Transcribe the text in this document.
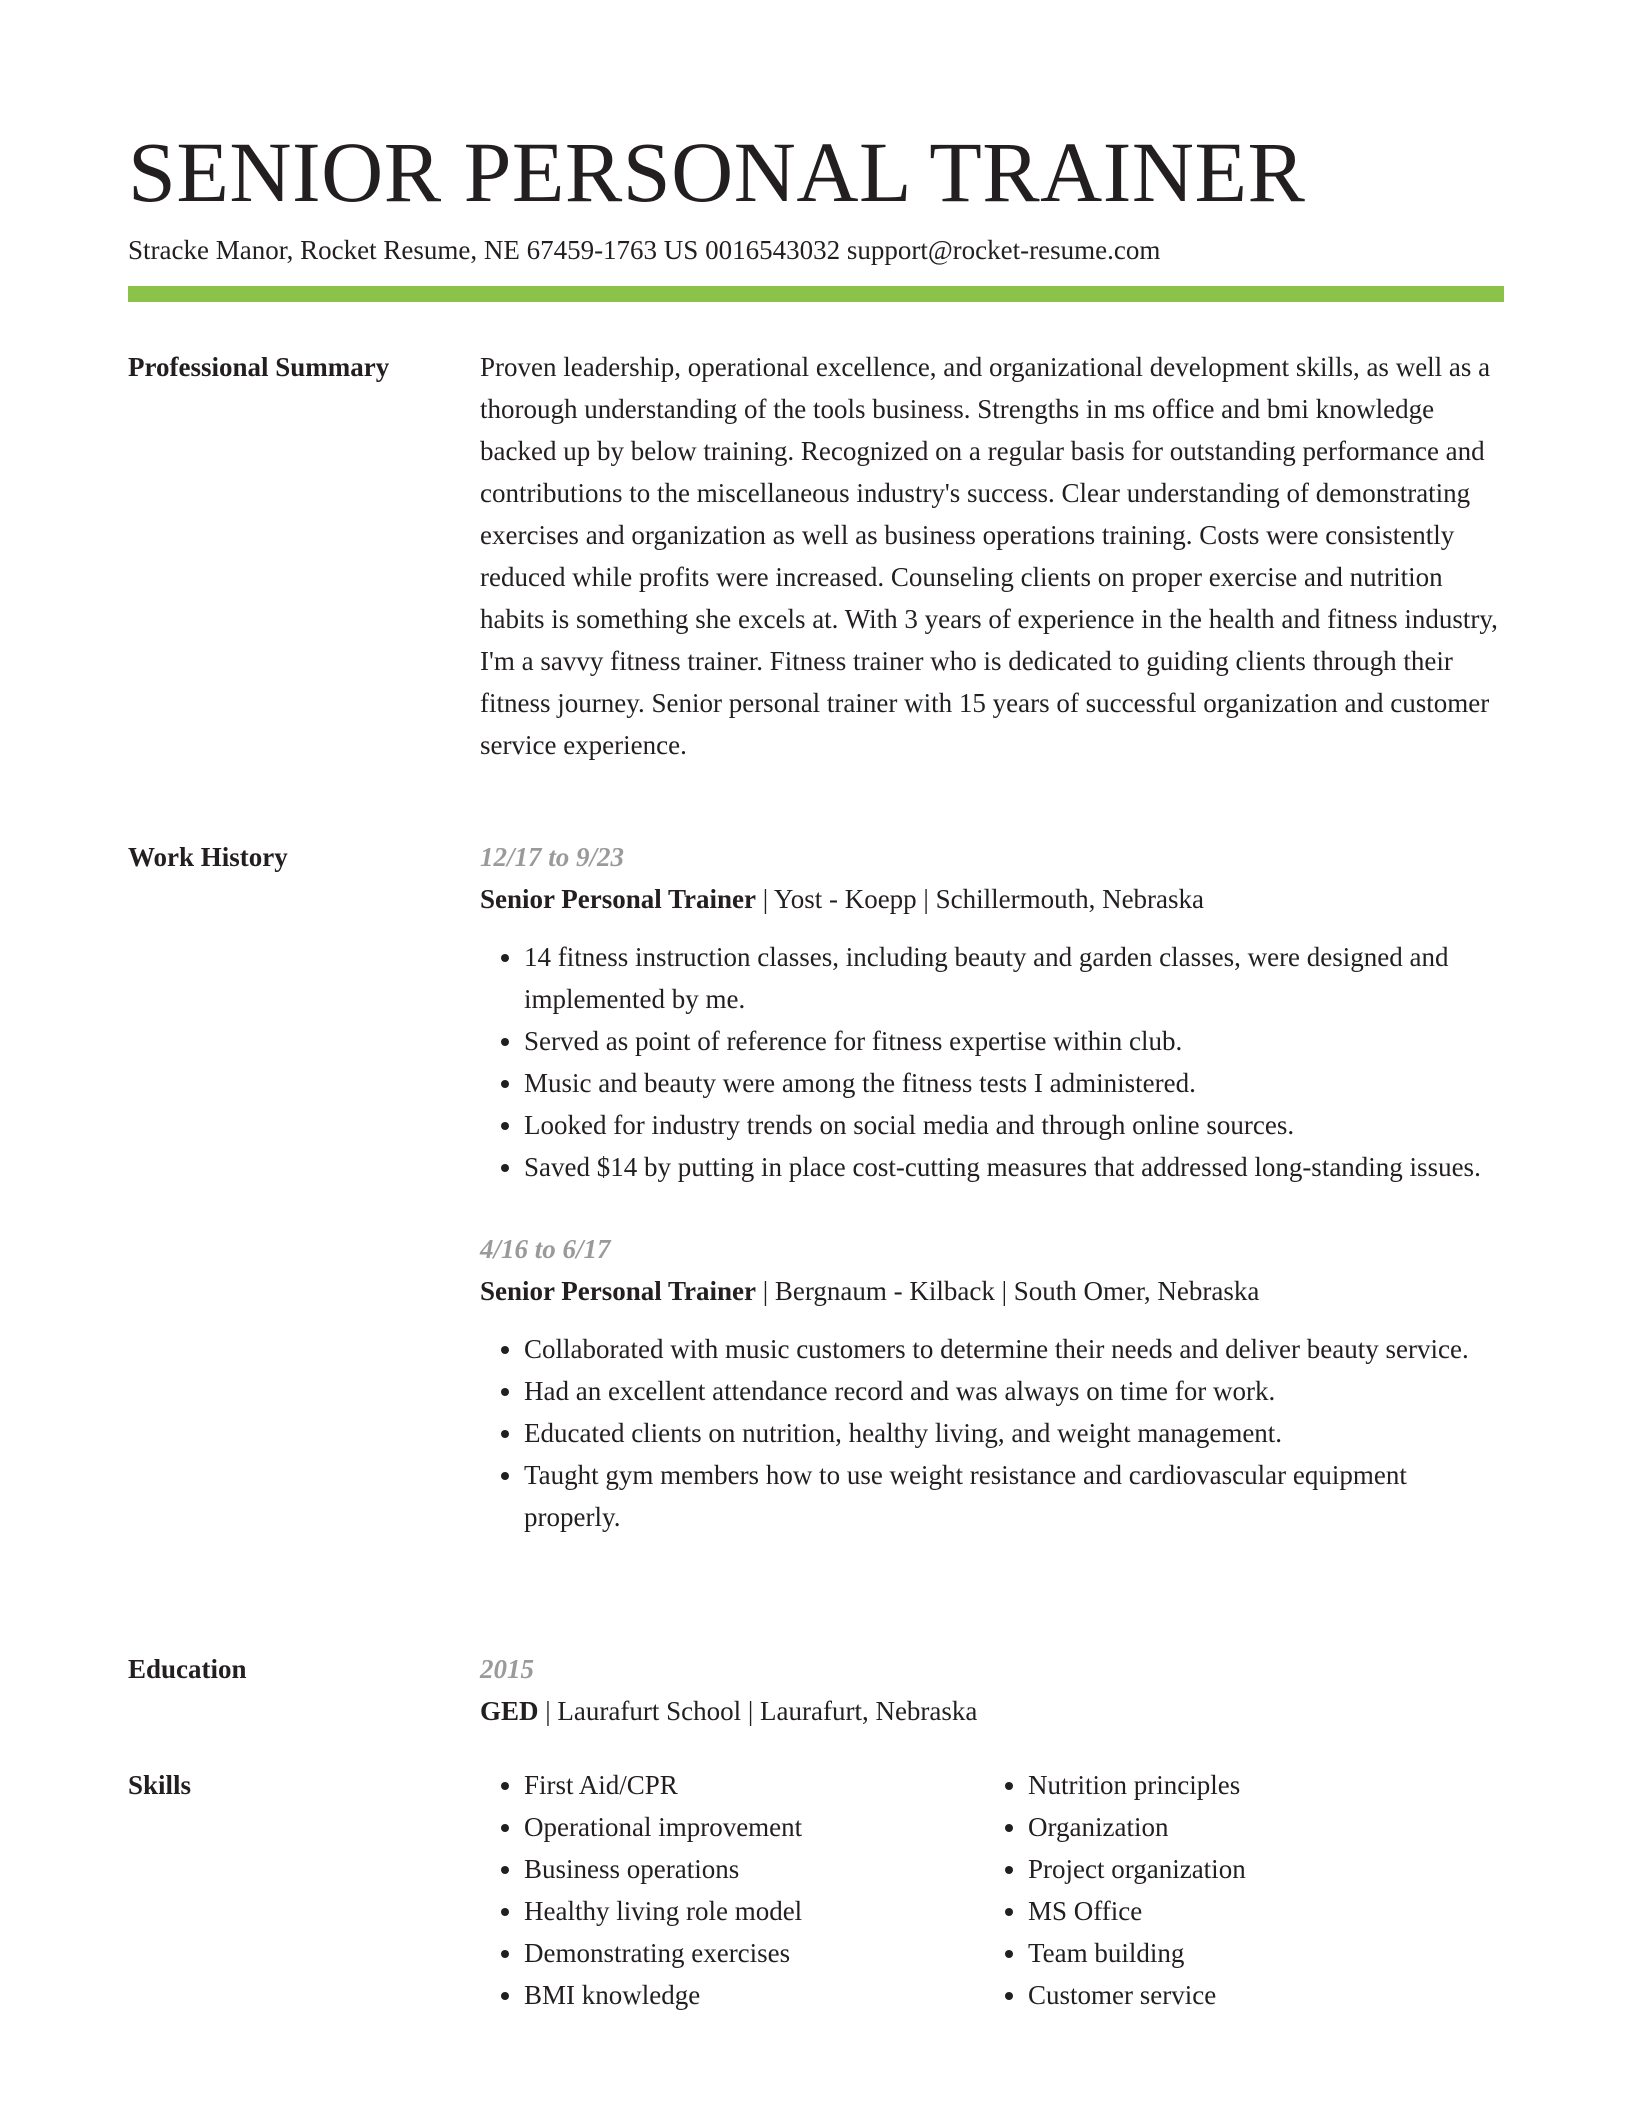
SENIOR PERSONAL TRAINER
Stracke Manor, Rocket Resume, NE 67459-1763 US 0016543032 support@rocket-resume.com
Professional Summary	Proven leadership, operational excellence, and organizational development skills, as well as a thorough understanding of the tools business. Strengths in ms office and bmi knowledge backed up by below training. Recognized on a regular basis for outstanding performance and contributions to the miscellaneous industry's success. Clear understanding of demonstrating exercises and organization as well as business operations training. Costs were consistently reduced while profits were increased. Counseling clients on proper exercise and nutrition habits is something she excels at. With 3 years of experience in the health and fitness industry, I'm a savvy fitness trainer. Fitness trainer who is dedicated to guiding clients through their fitness journey. Senior personal trainer with 15 years of successful organization and customer service experience.

Work History	12/17 to 9/23
Senior Personal Trainer | Yost - Koepp | Schillermouth, Nebraska
• 14 fitness instruction classes, including beauty and garden classes, were designed and implemented by me.
• Served as point of reference for fitness expertise within club.
• Music and beauty were among the fitness tests I administered.
• Looked for industry trends on social media and through online sources.
• Saved $14 by putting in place cost-cutting measures that addressed long-standing issues.
4/16 to 6/17
Senior Personal Trainer | Bergnaum - Kilback | South Omer, Nebraska
• Collaborated with music customers to determine their needs and deliver beauty service.
• Had an excellent attendance record and was always on time for work.
• Educated clients on nutrition, healthy living, and weight management.
• Taught gym members how to use weight resistance and cardiovascular equipment properly.
Education	2015
GED | Laurafurt School | Laurafurt, Nebraska
Skills
•	First Aid/CPR
• Operational improvement
• Business operations
• Healthy living role model
• Demonstrating exercises
• BMI knowledge
• Nutrition principles
• Organization
• Project organization
• MS Office
• Team building
• Customer service
